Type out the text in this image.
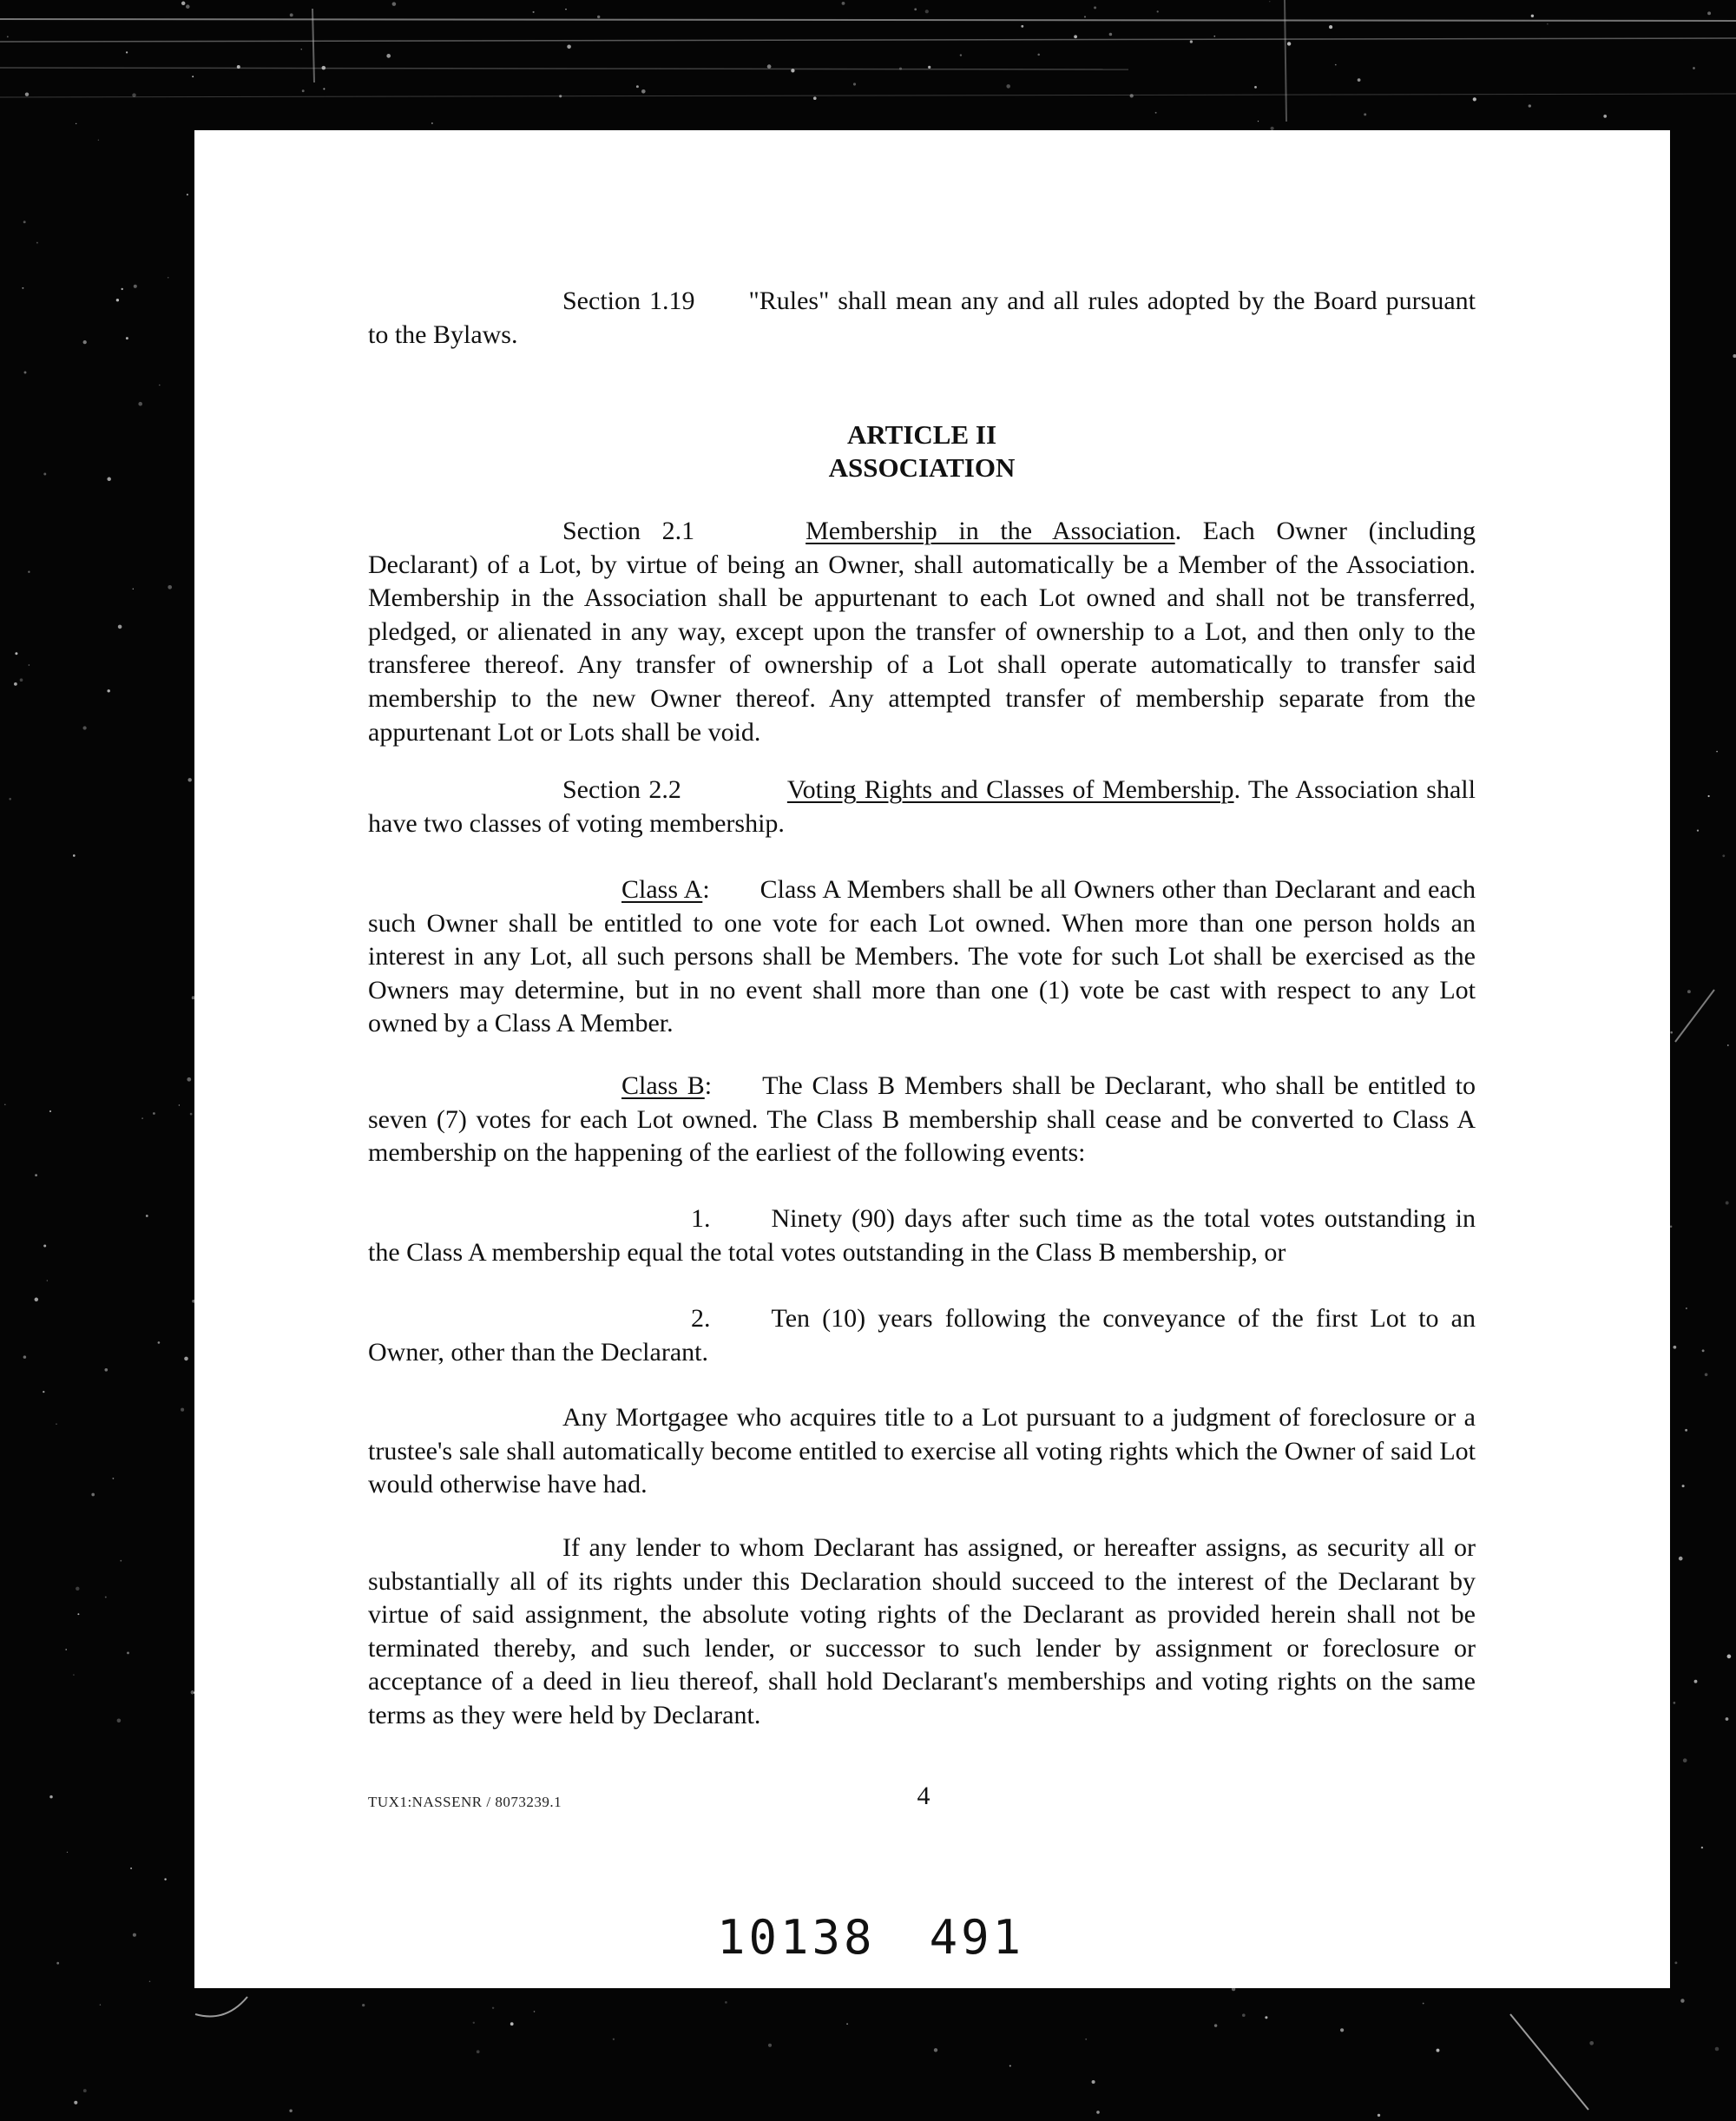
Section 1.19 "Rules" shall mean any and all rules adopted by the Board pursuant to the Bylaws.

ARTICLE II
ASSOCIATION

Section 2.1	Membership in the Association. Each Owner (including Declarant) of a Lot, by virtue of being an Owner, shall automatically be a Member of the Association. Membership in the Association shall be appurtenant to each Lot owned and shall not be transferred, pledged, or alienated in any way, except upon the transfer of ownership to a Lot, and then only to the transferee thereof. Any transfer of ownership of a Lot shall operate automatically to transfer said membership to the new Owner thereof. Any attempted transfer of membership separate from the appurtenant Lot or Lots shall be void.

Section 2.2	Voting Rights and Classes of Membership. The Association shall have two classes of voting membership.

Class A: Class A Members shall be all Owners other than Declarant and each such Owner shall be entitled to one vote for each Lot owned. When more than one person holds an interest in any Lot, all such persons shall be Members. The vote for such Lot shall be exercised as the Owners may determine, but in no event shall more than one (1) vote be cast with respect to any Lot owned by a Class A Member.

Class B: The Class B Members shall be Declarant, who shall be entitled to seven (7) votes for each Lot owned. The Class B membership shall cease and be converted to Class A membership on the happening of the earliest of the following events:

1. Ninety (90) days after such time as the total votes outstanding in the Class A membership equal the total votes outstanding in the Class B membership, or

2. Ten (10) years following the conveyance of the first Lot to an Owner, other than the Declarant.

Any Mortgagee who acquires title to a Lot pursuant to a judgment of foreclosure or a trustee's sale shall automatically become entitled to exercise all voting rights which the Owner of said Lot would otherwise have had.

If any lender to whom Declarant has assigned, or hereafter assigns, as security all or substantially all of its rights under this Declaration should succeed to the interest of the Declarant by virtue of said assignment, the absolute voting rights of the Declarant as provided herein shall not be terminated thereby, and such lender, or successor to such lender by assignment or foreclosure or acceptance of a deed in lieu thereof, shall hold Declarant's memberships and voting rights on the same terms as they were held by Declarant.

TUX1:NASSENR / 8073239.1	4
10138 491
